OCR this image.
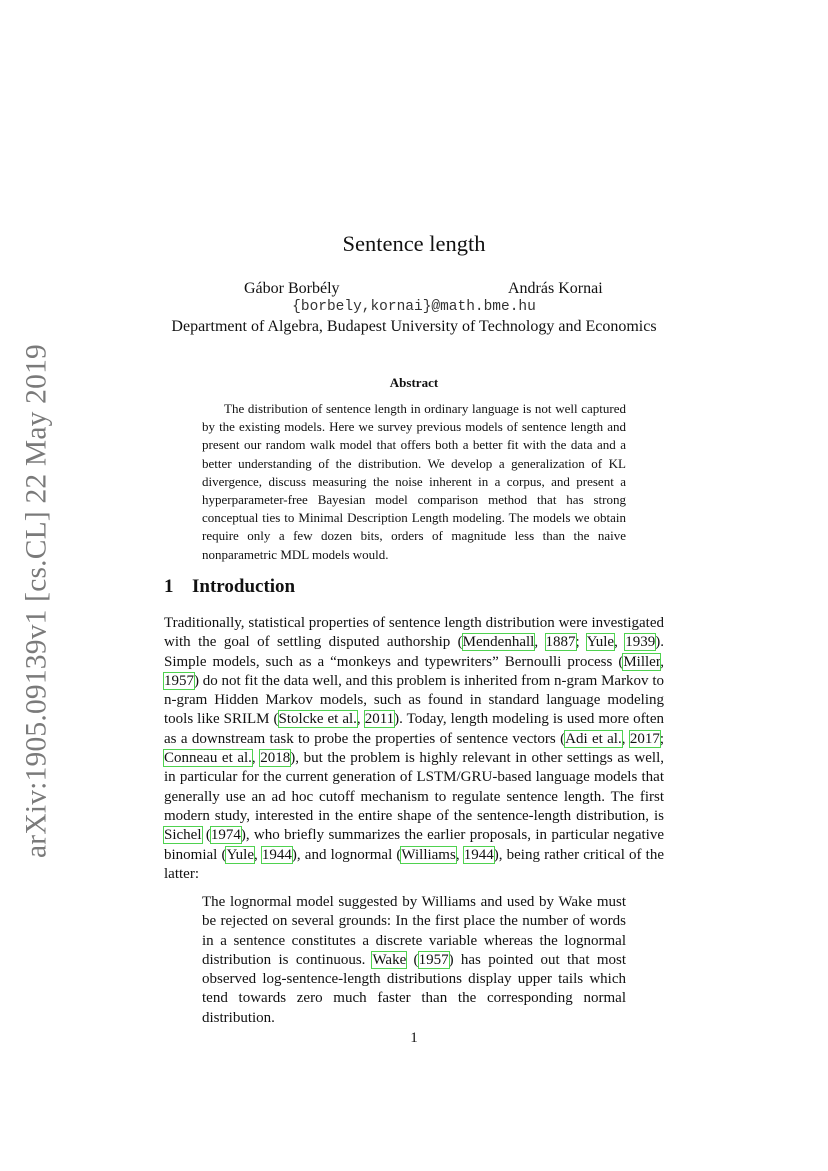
arXiv:1905.09139v1 [cs.CL] 22 May 2019
Sentence length
Gábor Borbély	András Kornai
{borbely,kornai}@math.bme.hu
Department of Algebra, Budapest University of Technology and Economics
Abstract
The distribution of sentence length in ordinary language is not well captured by the existing models. Here we survey previous models of sentence length and present our random walk model that offers both a better fit with the data and a better understanding of the distribution. We develop a generalization of KL divergence, discuss measuring the noise inherent in a corpus, and present a hyperparameter-free Bayesian model comparison method that has strong conceptual ties to Minimal Description Length modeling. The models we obtain require only a few dozen bits, orders of magnitude less than the naive nonparametric MDL models would.
1 Introduction
Traditionally, statistical properties of sentence length distribution were investigated with the goal of settling disputed authorship (Mendenhall, 1887; Yule, 1939). Simple models, such as a “monkeys and typewriters” Bernoulli process (Miller, 1957) do not fit the data well, and this problem is inherited from n-gram Markov to n-gram Hidden Markov models, such as found in standard language modeling tools like SRILM (Stolcke et al., 2011). Today, length modeling is used more often as a downstream task to probe the properties of sentence vectors (Adi et al., 2017; Conneau et al., 2018), but the problem is highly relevant in other settings as well, in particular for the current generation of LSTM/GRU-based language models that generally use an ad hoc cutoff mechanism to regulate sentence length. The first modern study, interested in the entire shape of the sentence-length distribution, is Sichel (1974), who briefly summarizes the earlier proposals, in particular negative binomial (Yule, 1944), and lognormal (Williams, 1944), being rather critical of the latter:
The lognormal model suggested by Williams and used by Wake must be rejected on several grounds: In the first place the number of words in a sentence constitutes a discrete variable whereas the lognormal distribution is continuous. Wake (1957) has pointed out that most observed log-sentence-length distributions display upper tails which tend towards zero much faster than the corresponding normal distribution.
1
